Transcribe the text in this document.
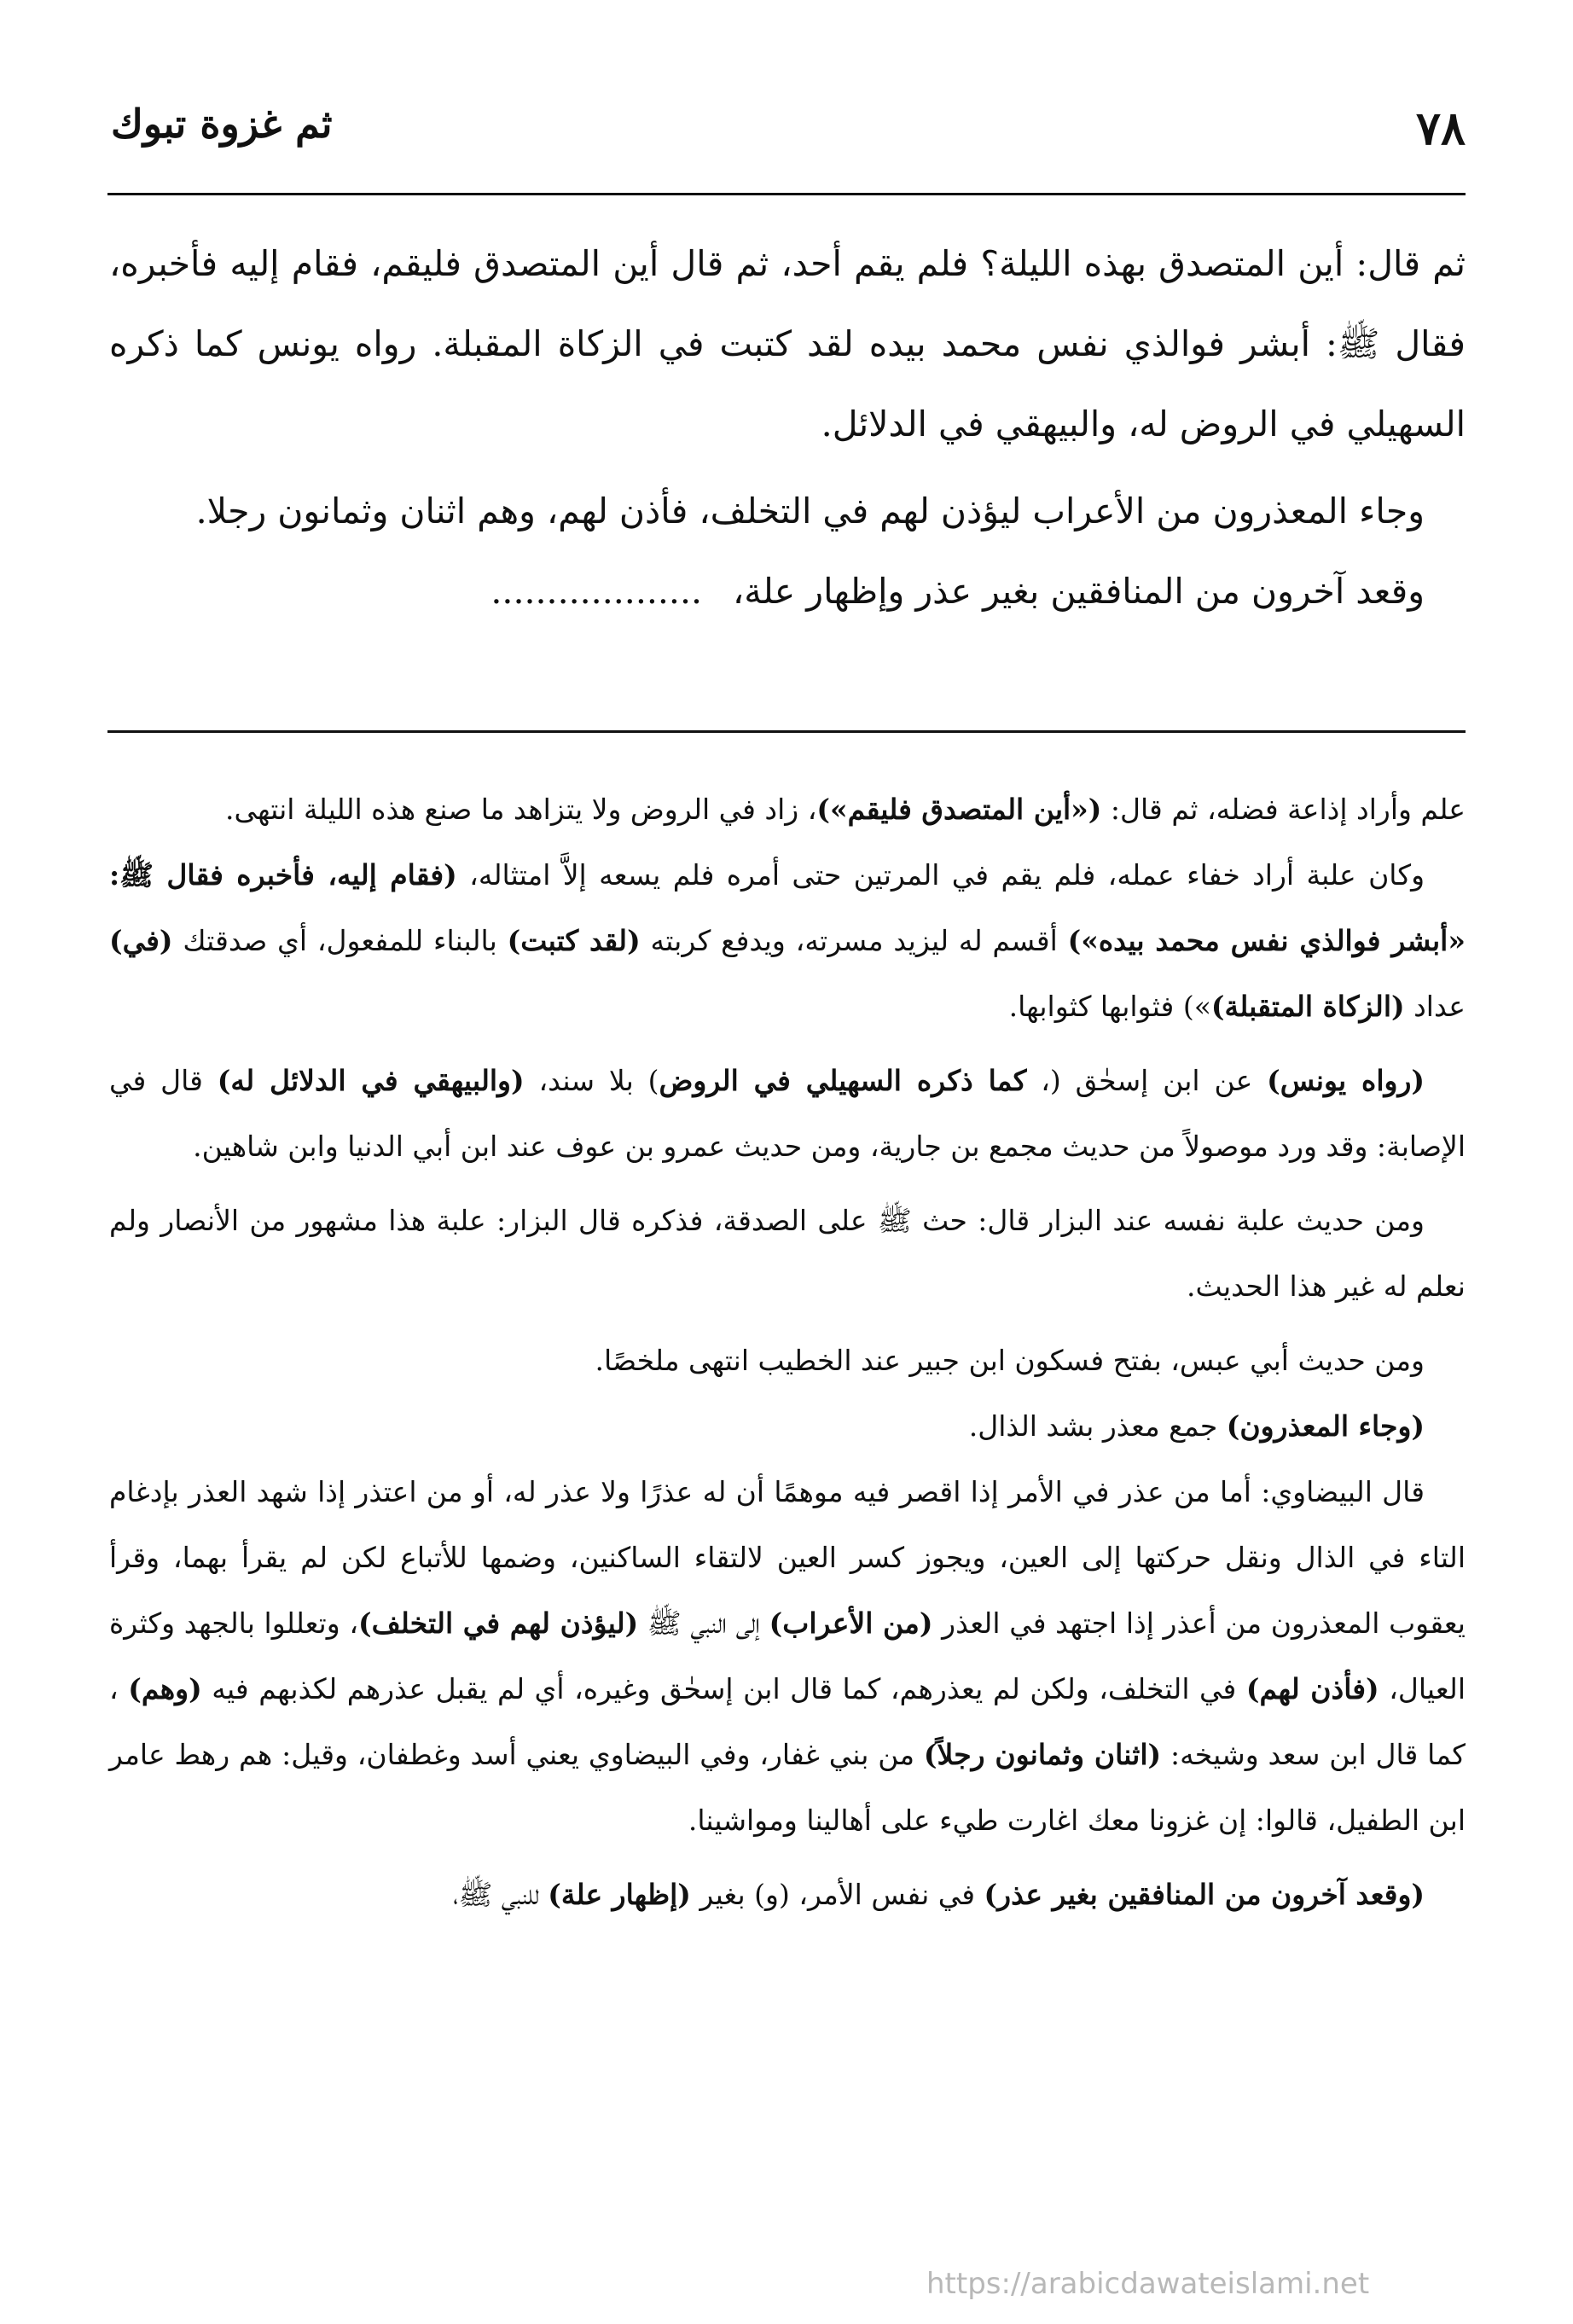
٧٨
ثم غزوة تبوك

ثم قال: أين المتصدق بهذه الليلة؟ فلم يقم أحد، ثم قال أين المتصدق فليقم، فقام إليه فأخبره، فقال ﷺ: أبشر فوالذي نفس محمد بيده لقد كتبت في الزكاة المقبلة. رواه يونس كما ذكره السهيلي في الروض له، والبيهقي في الدلائل.

وجاء المعذرون من الأعراب ليؤذن لهم في التخلف، فأذن لهم، وهم اثنان وثمانون رجلا.

وقعد آخرون من المنافقين بغير عذر وإظهار علة،...................

علم وأراد إذاعة فضله، ثم قال: («أين المتصدق فليقم»)، زاد في الروض ولا يتزاهد ما صنع هذه الليلة انتهى.

وكان علبة أراد خفاء عمله، فلم يقم في المرتين حتى أمره فلم يسعه إلاَّ امتثاله، (فقام إليه، فأخبره فقال ﷺ: «أبشر فوالذي نفس محمد بيده») أقسم له ليزيد مسرته، ويدفع كربته (لقد كتبت) بالبناء للمفعول، أي صدقتك (في) عداد (الزكاة المتقبلة)») فثوابها كثوابها.

(رواه يونس) عن ابن إسحٰق (، كما ذكره السهيلي في الروض) بلا سند، (والبيهقي في الدلائل له) قال في الإصابة: وقد ورد موصولاً من حديث مجمع بن جارية، ومن حديث عمرو بن عوف عند ابن أبي الدنيا وابن شاهين.

ومن حديث علبة نفسه عند البزار قال: حث ﷺ على الصدقة، فذكره قال البزار: علبة هذا مشهور من الأنصار ولم نعلم له غير هذا الحديث.

ومن حديث أبي عبس، بفتح فسكون ابن جبير عند الخطيب انتهى ملخصًا.

(وجاء المعذرون) جمع معذر بشد الذال.

قال البيضاوي: أما من عذر في الأمر إذا اقصر فيه موهمًا أن له عذرًا ولا عذر له، أو من اعتذر إذا شهد العذر بإدغام التاء في الذال ونقل حركتها إلى العين، ويجوز كسر العين لالتقاء الساكنين، وضمها للأتباع لكن لم يقرأ بهما، وقرأ يعقوب المعذرون من أعذر إذا اجتهد في العذر (من الأعراب) إلى النبي ﷺ (ليؤذن لهم في التخلف)، وتعللوا بالجهد وكثرة العيال، (فأذن لهم) في التخلف، ولكن لم يعذرهم، كما قال ابن إسحٰق وغيره، أي لم يقبل عذرهم لكذبهم فيه (وهم) ، كما قال ابن سعد وشيخه: (اثنان وثمانون رجلاً) من بني غفار، وفي البيضاوي يعني أسد وغطفان، وقيل: هم رهط عامر ابن الطفيل، قالوا: إن غزونا معك اغارت طيء على أهالينا ومواشينا.

(وقعد آخرون من المنافقين بغير عذر) في نفس الأمر، (و) بغير (إظهار علة) للنبي ﷺ،

https://arabicdawateislami.net
